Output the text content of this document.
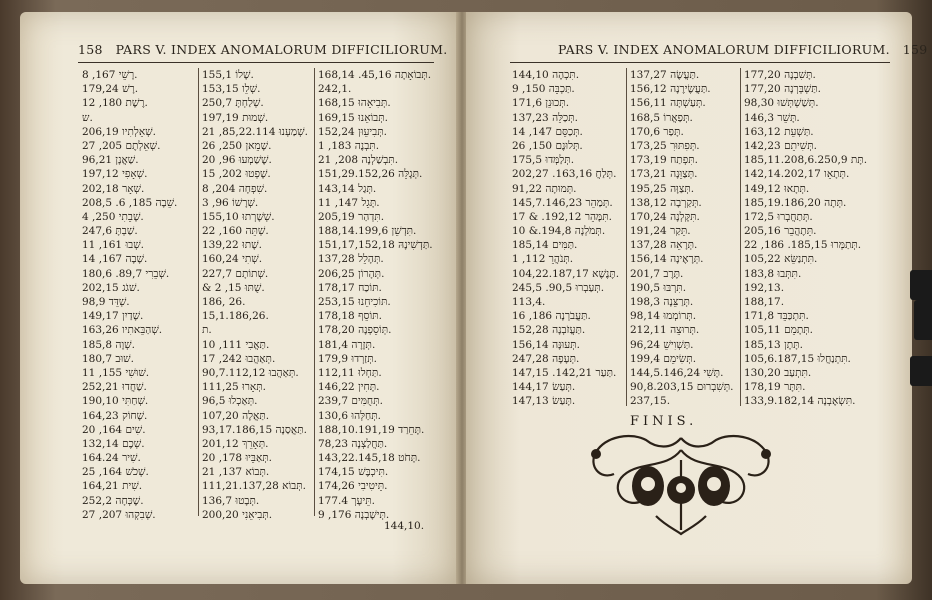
158 PARS V. INDEX ANOMALORUM DIFFICILIORUM.
רָשֵׁי 167, 8.
רָשׁ 179,24.
רֶשֶׁת 180, 12.
ש.
שְׁאֵלְתִיו 206,19.
שְׁאֵלְתֶם 205, 27.
שַׁאֲנָן 96,21.
שְׁאָפִי 197,12.
שְׁאָר 202,18.
שֵׁבָה 185, 6. 208,5.
שָׁבֵתִי 250, 4.
שַׁבְתָּ 247,6.
שְׁבוּ 161, 11.
שָׁבָה 167, 14.
שְׁבֵרִי 89,7. 180,6.
שׁגֹג 202,15.
שְׁדֵּד 98,9.
שָׁדַיִן 149,17.
שְׁהַבֵּאתִיו 163,26.
שְׁוָה 185,8.
שׁוּב 180,7.
שׁוּשִׁי 155, 11.
שַׁחֲדוּ 252,21.
שְׁחַתִּי 190,10.
שָׁחוֹק 164,23.
שִׁים 164, 20.
שְׁכֶם 132,14.
שִׁיר 164.24.
שְׁכֹשׁ 164, 25.
שִׁית 164,21.
שֶׁכְּחָה 252,2.
שְׁבִקְהוּ 207, 27.
שָׁלוֹ 155,1.
שְׁלֵו 153,15.
שְׁלַחְתָּ 250,7.
שְׁמוּת 197,19.
שְׁמַעְנוּ 85,22.114, 21.
שָׁמֵאן 250, 26.
שֶׁשַׁמְעוּ 96, 20.
שָׁפְטוּ 202, 15.
שִׁפְחָה 204, 8.
שְׁרָשׁוֹ 96, 3.
שְׁשָׁרְתוּ 155,10.
שְׁתֵּה 160, 22.
שָׁתוּ 139,22.
שְׁתִי 160,24.
שְׁתוֹתָם 227,7.
& שֻׁתּוּ 15, 2.
186, 26.
15,1.186,26.
ת.
תַּאֲבִי 111, 10.
תְּאַהֲבוּ 242, 17.
תְּאַהֲבוּ 90,7.112,12.
תְּאָרוּ 111,25.
תְּאַכְלוּ 96,5.
תַּאֲלָה 107,20.
תַּאֲסַנָה 93,17.186,15.
תְּאָרֵךְ 201,12.
תְּאַבֵּיוּ 178, 20.
תְּבוֹא 137, 21.
תְּבוֹא 111,21.137,28.
תְּבָטוּ 136,7.
תְּבִיאֵנִי 200,20.
תְּבוֹאָתָה 45,16. 168,14.
242,1.
תְּבִיאֵהוּ 168,15.
תְּבוֹאֵנוּ 169,15.
תְּבִיעֵוּן 152,24.
תִּבְנֶה 183, 1.
תִּבְשַׁלְנָה 208, 21.
תְּגָלֵּה 151,29.152,26.
תְּגַל 143,14.
תָּגֵל 147, 11.
תִּדְהַר 205,19.
תִּדְשֵׁן 188,14.199,6.
תַּדְשִׁינָהּ 151,17,152,18.
תְּהָלֵל 137,28.
תְּהָרוֹן 206,25.
תּוֹכַח 178,17.
תּוֹכִיחֵנוּ 253,15.
תּוֹסֵף 178,18.
תְּוֹסֵפְנָה 178,20.
תְּזָרָה 181,4.
תְּזַרְדוּ 179,9.
תַּחְלוּ 112,11.
תָּחִין 146,22.
תְּחֻמִּים 239,7.
תְּחַלְּהוּ 130,6.
תָּחֵרַד 188,10.191,19.
תַּחֲלַצְנָה 78,23.
תָּחֹט 143,22.145,18.
תִּיכְבֶּשׁ 174,15.
תֵּיטִיבִי 174,26.
תֵּיעָרְ 177.4.
תְּישָׁבְנָה 176, 9.
144,10.
PARS V. INDEX ANOMALORUM DIFFICILIORUM. 159
תִּכְהֶה 144,10.
תַּכְבֵּה 150, 9.
תְּכוּנֵן 171,6.
תְּכַלֵּה 137,23.
תְּכַסֵּם 147, 14.
תְּלוּנֶם 150, 26.
תְּלַמְּדוּ 175,5.
תְּלַחֲ 163,16. 202,27.
תְּמוּתָה 91,22.
תְּמַהֵר 145,7.146,23.
תִּמָּהֵר 192,12. & 17.
תְּמֹלְנָה 194,8.& 10.
תַּמִּים 185,14.
תְּנֹהֲרֵ 112, 1.
תֶּנֶשֶׁא 104,22.187,17.
תְּעַבְרוּ 90,5. 245,5.
113,4.
תַּעֲבֹרְנָה 186, 16.
תַּעֲזֹבְנָה 152,28.
תְּעוּנָּה 156,14.
תְּעָפָה 247,28.
תַּעַר 142,21. 147,15.
תְּעַשׂ 144,17.
תָּעַשׂ 147,13.
תַּעֲשֶׂה 137,27.
תַּעֲשֶׂירֶנָה 156,12.
תְּעַשְׁתָּה 156,11.
תְּפַאֲרוֹ 168,5.
תָּפַר 170,6.
תְּפִתּוּרִ 173,25.
תִּפְתַח 173,19.
תְּצַוֵּנָה 173,21.
תְּצַוָּה 195,25.
תְּקַרְבָה 138,12.
תִּקָּלְנָה 170,24.
תֵּקַר 191,24.
תְּרָאֵה 137,28.
תְּרָאֶינָה 156,14.
תֶּרֶב 201,7.
תִּרְבּוּ 190,5.
תְּרַצֵּנָה 198,3.
תְּרוֹמְמוּ 98,14.
תְּרוּצֵה 212,11.
תַּשְׁוִישֵׁ 96,24.
תְּשִׂימֵם 199,4.
תָּשִׁי 144,5.146,24.
תְּשִׁבְרוּם 90,8.203,15.
237,15.
תָּשִׁבְנָה 177,20.
תַּשְׁבְּרְנָה 177,20.
תְּשַׁשְׁתְּשׁוּ 98,30.
תָּשֵׁר 146,3.
תַּשְׁעֵת 163,12.
תְּשִׁיתֵם 142,23.
תָּת 185,11.208,6.250,9.
תְּתָאֵו 142,14.202,17.
תְּתָאוּ 149,12.
תְּתָה 185,19.186,20.
תְּתַחֲבְרוּ 172,5.
תֵּתֶהֲבֵר 205,16.
תְּתַמְּרוּ 185,15. 186, 22.
תִּתְנַשֵּׂא 105,22.
תִּתְּבוּ 183,8.
192,13.
188,17.
תִּתְכַּבֵּד 171,8.
תְּתָמֵם 105,11.
תָּתָן 185,13.
תִּתְנַחֲלוּ 105,6.187,15.
תִּתְעַב 130,20.
תִּתָּר 178,19.
תִּשְׂאֶבְנָה 133,9.182,14.
FINIS.
